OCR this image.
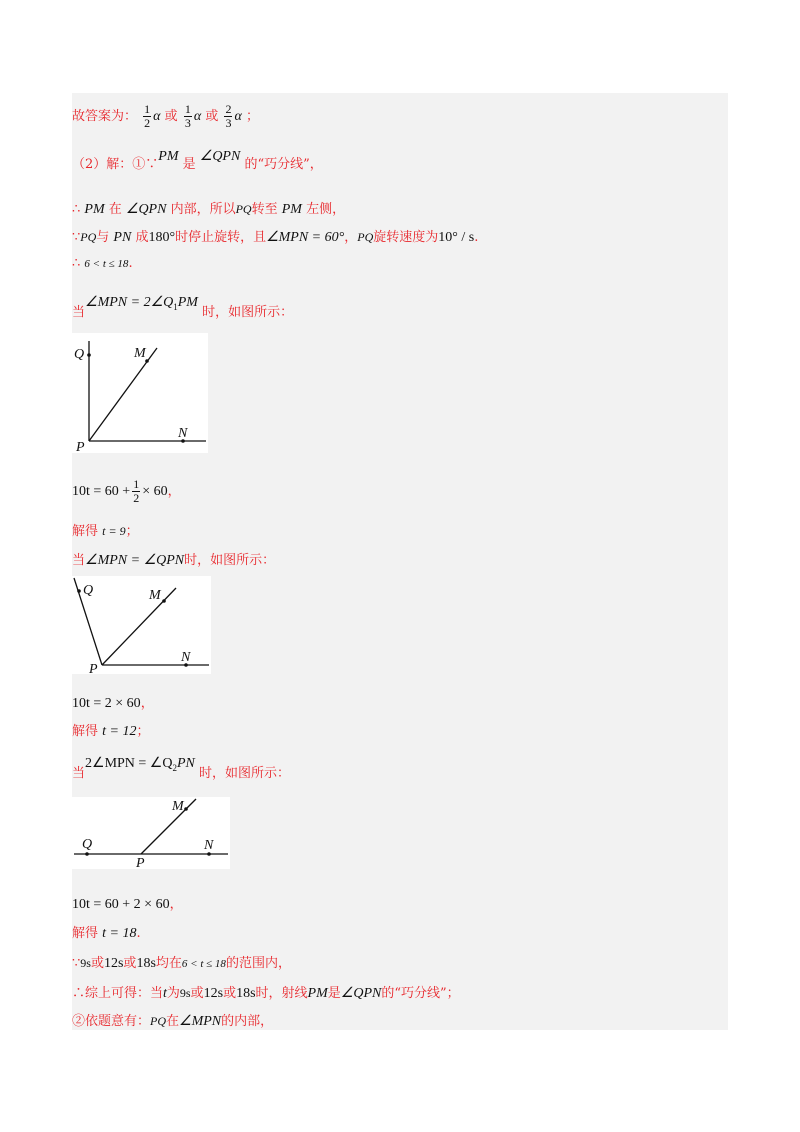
故答案为： $\frac{1}{2}$ α 或 $\frac{1}{3}$ α 或 $\frac{2}{3}$ α ；
（2）解：①∵PM 是 ∠QPN 的“巧分线”，
∴ PM 在 ∠QPN 内部，所以PQ转至 PM 左侧，
∵PQ与 PN 成180°时停止旋转，且∠MPN = 60°，PQ旋转速度为10° / s.
∴ 6 < t ≤ 18.
当∠MPN = 2∠Q1PM 时，如图所示：
Q	M
N
P
$10t = 60 + \frac{1}{2} \times 60$，
解得 t = 9；
当∠MPN = ∠QPN时，如图所示：
Q	M
N
P
10t = 2 × 60，
解得 t = 12；
当2∠MPN = ∠Q2PN 时，如图所示：
Q
M
N
P
10t = 60 + 2 × 60，
解得 t = 18.
∵9s或12s或18s均在6 < t ≤ 18的范围内，
∴综上可得：当t为9s或12s或18s时，射线PM是∠QPN的“巧分线”；
②依题意有：PQ在∠MPN的内部，
